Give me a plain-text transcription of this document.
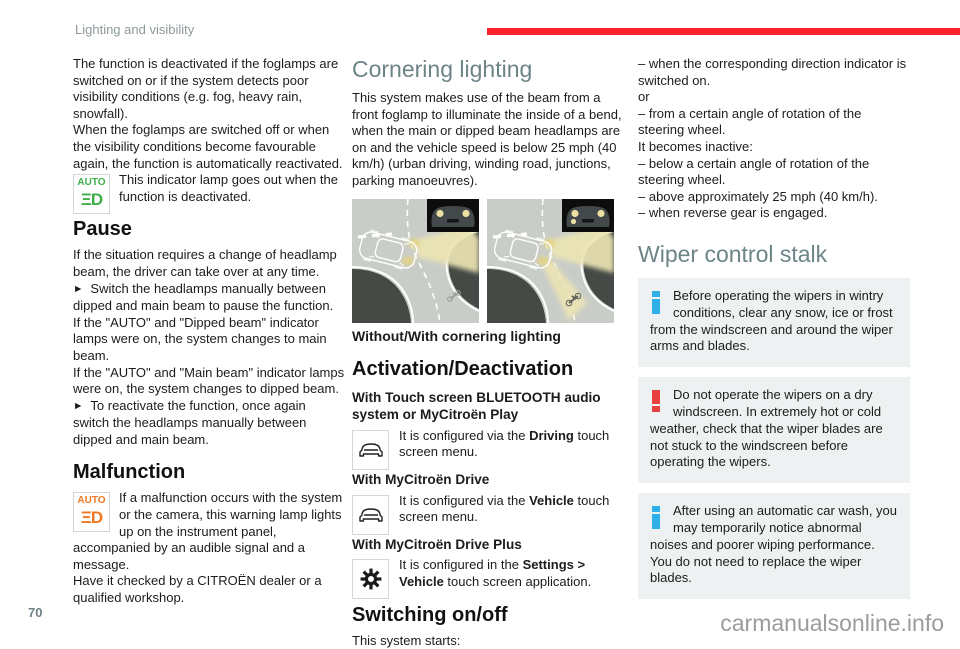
Lighting and visibility

The function is deactivated if the foglamps are switched on or if the system detects poor visibility conditions (e.g. fog, heavy rain, snowfall).

When the foglamps are switched off or when the visibility conditions become favourable again, the function is automatically reactivated.

AUTO
ΞD

This indicator lamp goes out when the function is deactivated.

Pause

If the situation requires a change of headlamp beam, the driver can take over at any time.

► Switch the headlamps manually between dipped and main beam to pause the function.

If the "AUTO" and "Dipped beam" indicator lamps were on, the system changes to main beam.

If the "AUTO" and "Main beam" indicator lamps were on, the system changes to dipped beam.

► To reactivate the function, once again switch the headlamps manually between dipped and main beam.

Malfunction
AUTO
ΞD

If a malfunction occurs with the system or the camera, this warning lamp lights up on the instrument panel, accompanied by an audible signal and a message.

Have it checked by a CITROËN dealer or a qualified workshop.

Cornering lighting

This system makes use of the beam from a front foglamp to illuminate the inside of a bend, when the main or dipped beam headlamps are on and the vehicle speed is below 25 mph (40 km/h) (urban driving, winding road, junctions, parking manoeuvres).

Without/With cornering lighting

Activation/Deactivation
With Touch screen BLUETOOTH audio system or MyCitroën Play

It is configured via the Driving touch screen menu.

With MyCitroën Drive

It is configured via the Vehicle touch screen menu.

With MyCitroën Drive Plus

It is configured in the Settings > Vehicle touch screen application.

Switching on/off

This system starts:

– when the corresponding direction indicator is switched on.

or

– from a certain angle of rotation of the steering wheel.

It becomes inactive:

– below a certain angle of rotation of the steering wheel.

– above approximately 25 mph (40 km/h).

– when reverse gear is engaged.

Wiper control stalk

Before operating the wipers in wintry conditions, clear any snow, ice or frost from the windscreen and around the wiper arms and blades.

Do not operate the wipers on a dry windscreen. In extremely hot or cold weather, check that the wiper blades are not stuck to the windscreen before operating the wipers.

After using an automatic car wash, you may temporarily notice abnormal noises and poorer wiping performance. You do not need to replace the wiper blades.

70	carmanualsonline.info
